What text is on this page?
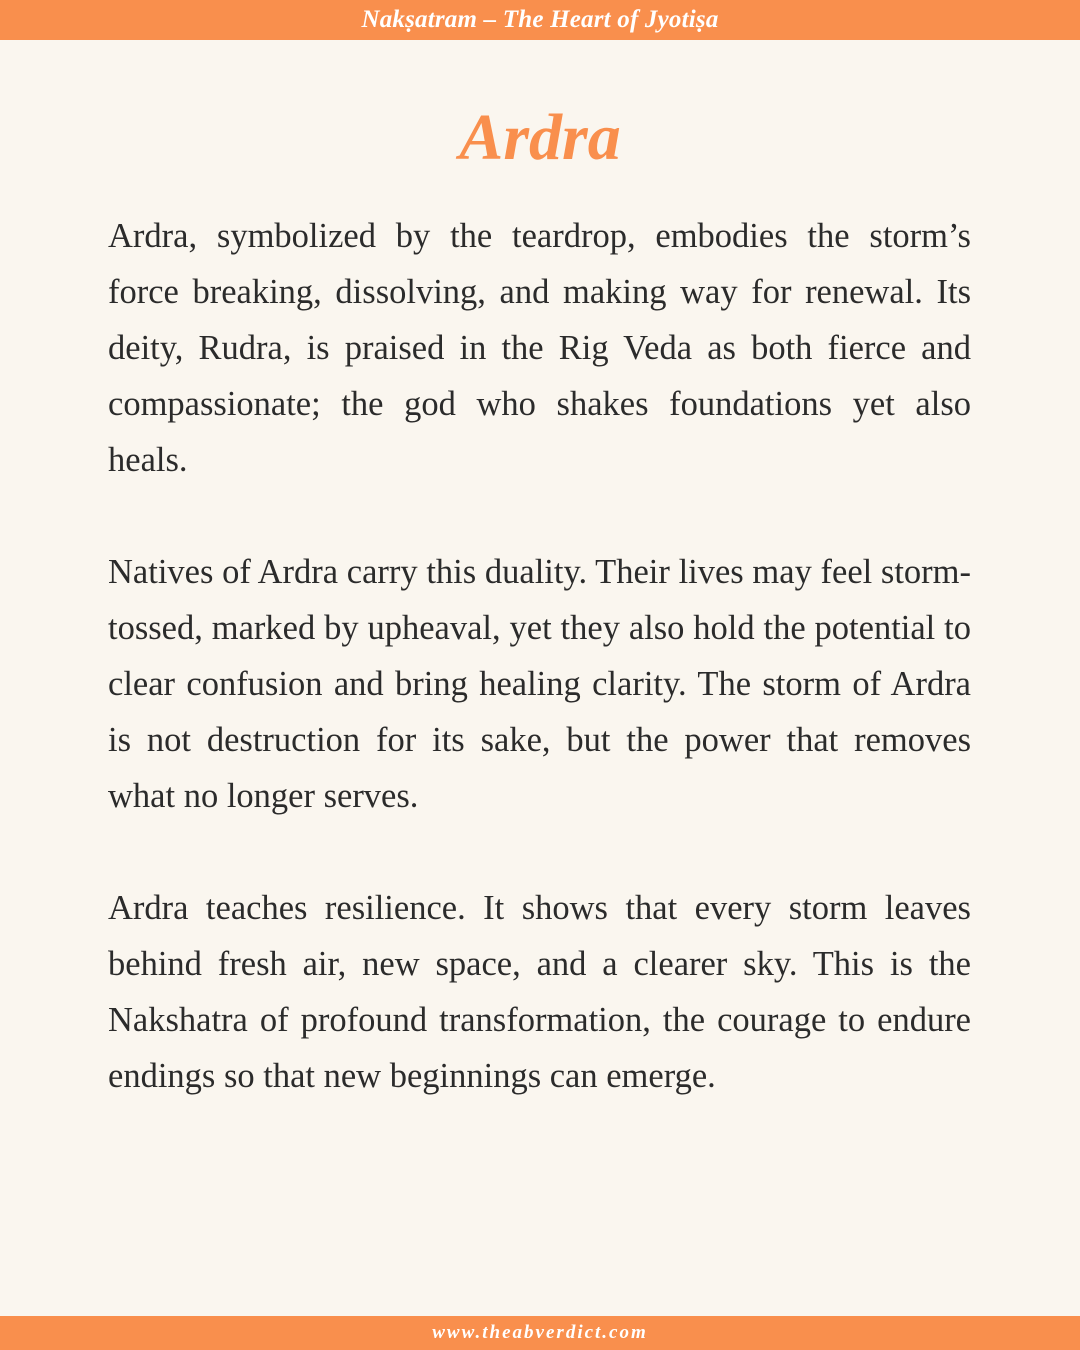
Nakṣatram – The Heart of Jyotiṣa
Ardra

Ardra, symbolized by the teardrop, embodies the storm’s force breaking, dissolving, and making way for renewal. Its deity, Rudra, is praised in the Rig Veda as both fierce and compassionate; the god who shakes foundations yet also heals.

Natives of Ardra carry this duality. Their lives may feel storm-tossed, marked by upheaval, yet they also hold the potential to clear confusion and bring healing clarity. The storm of Ardra is not destruction for its sake, but the power that removes what no longer serves.

Ardra teaches resilience. It shows that every storm leaves behind fresh air, new space, and a clearer sky. This is the Nakshatra of profound transformation, the courage to endure endings so that new beginnings can emerge.

www.theabverdict.com
